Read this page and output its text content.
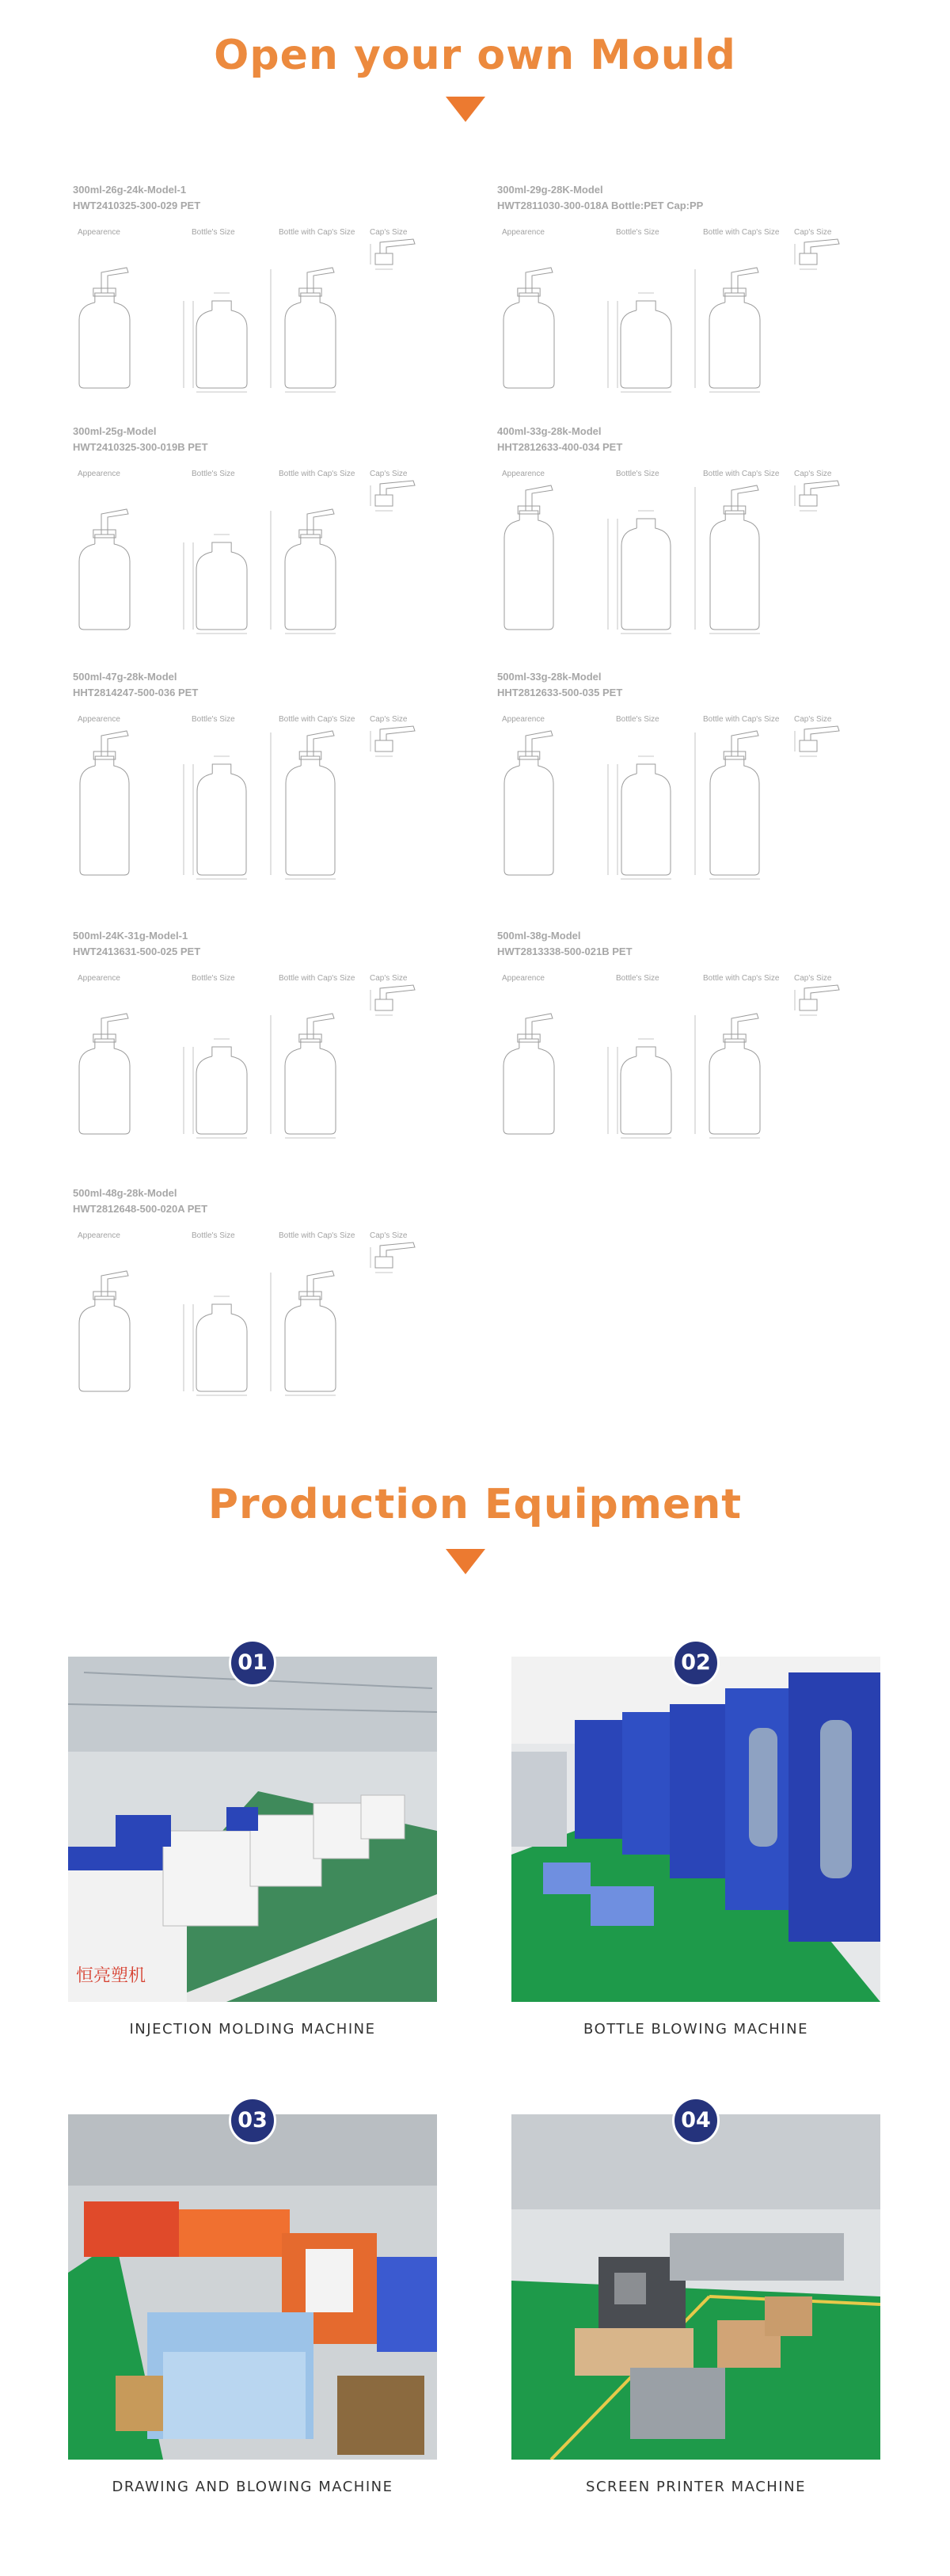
Open your own Mould
300ml-26g-24k-Model-1
HWT2410325-300-029 PET
Appearence	Bottle's Size	Bottle with Cap's Size Cap's Size
300ml-29g-28K-Model
HWT2811030-300-018A Bottle:PET Cap:PP
Appearence	Bottle's Size	Bottle with Cap's Size Cap's Size
300ml-25g-Model
HWT2410325-300-019B PET
Appearence	Bottle's Size	Bottle with Cap's Size Cap's Size
400ml-33g-28k-Model
HHT2812633-400-034 PET
Appearence	Bottle's Size	Bottle with Cap's Size Cap's Size
500ml-47g-28k-Model
HHT2814247-500-036 PET
Appearence	Bottle's Size	Bottle with Cap's Size Cap's Size
500ml-33g-28k-Model
HHT2812633-500-035 PET
Appearence	Bottle's Size	Bottle with Cap's Size Cap's Size
500ml-24K-31g-Model-1
HWT2413631-500-025 PET
Appearence	Bottle's Size	Bottle with Cap's Size Cap's Size
500ml-38g-Model
HWT2813338-500-021B PET
Appearence	Bottle's Size	Bottle with Cap's Size Cap's Size
500ml-48g-28k-Model
HWT2812648-500-020A PET
Appearence	Bottle's Size	Bottle with Cap's Size Cap's Size
Production Equipment
01
恒亮塑机
INJECTION MOLDING MACHINE
02
BOTTLE BLOWING MACHINE
03
DRAWING AND BLOWING MACHINE
04
SCREEN PRINTER MACHINE
